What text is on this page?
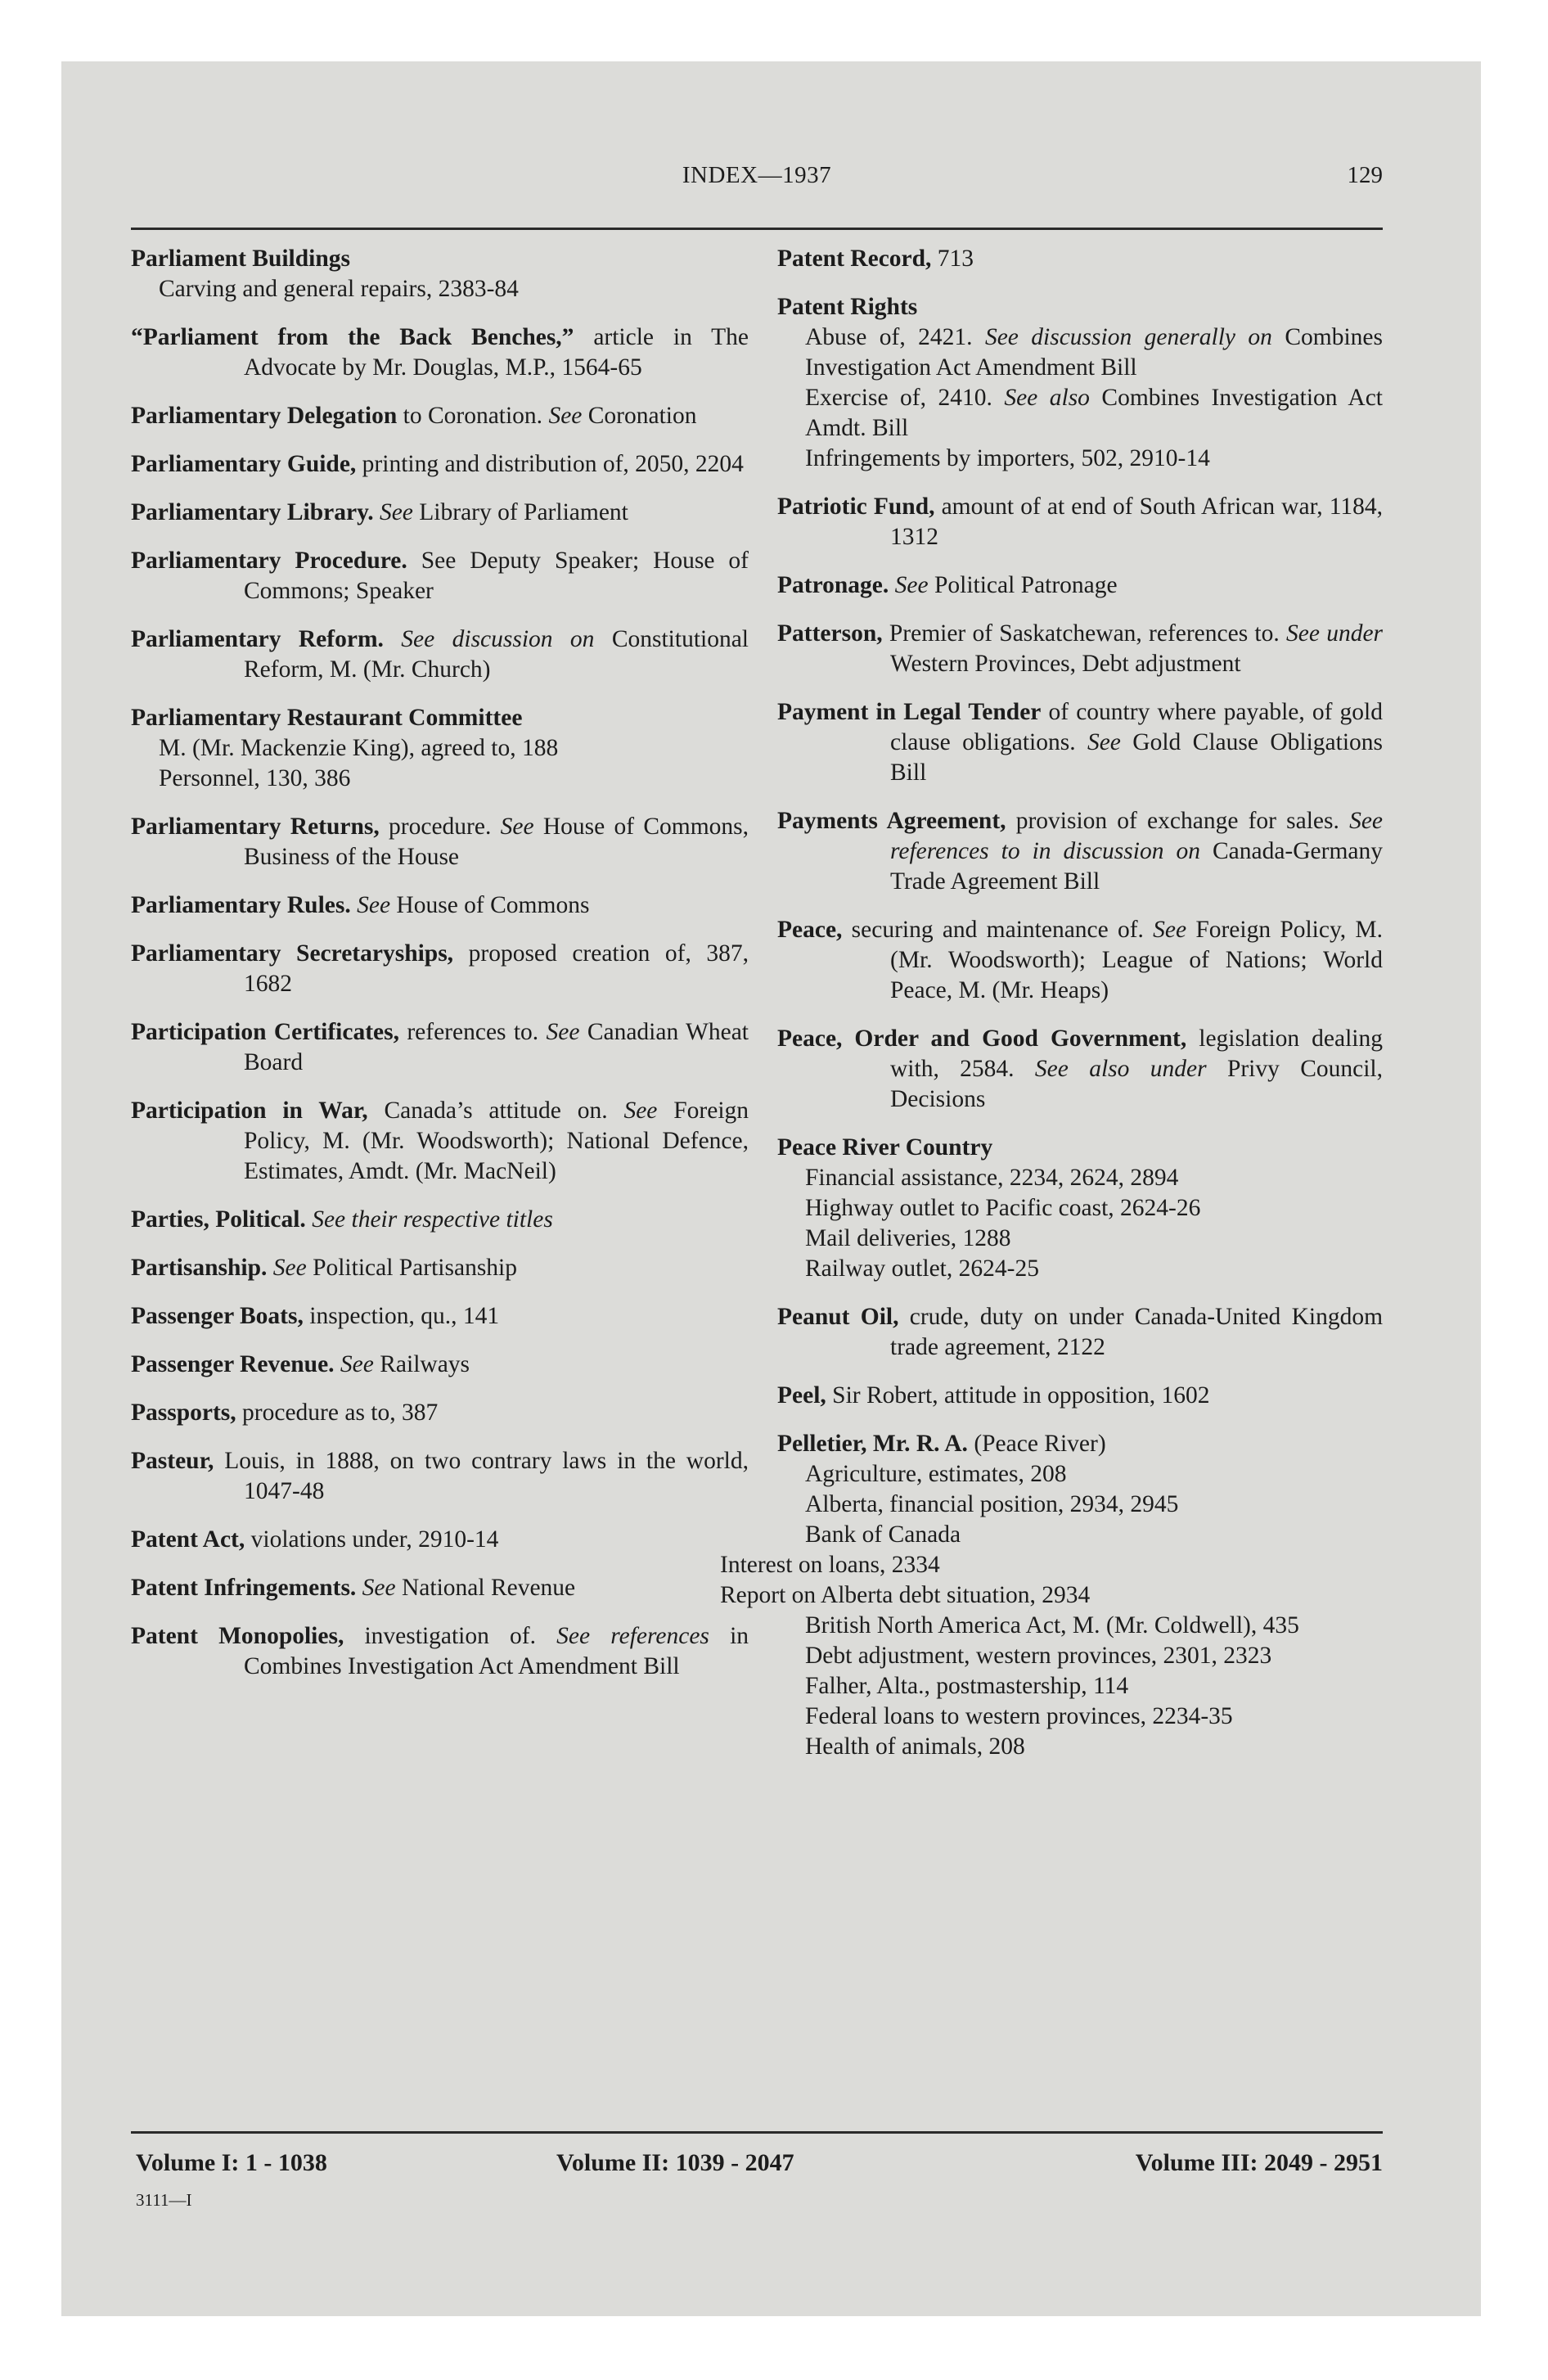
INDEX—1937	129

Parliament Buildings
Carving and general repairs, 2383-84

“Parliament from the Back Benches,” article in The Advocate by Mr. Douglas, M.P., 1564-65

Parliamentary Delegation to Coronation. See Coronation

Parliamentary Guide, printing and distribution of, 2050, 2204

Parliamentary Library. See Library of Parliament

Parliamentary Procedure. See Deputy Speaker; House of Commons; Speaker

Parliamentary Reform. See discussion on Constitutional Reform, M. (Mr. Church)

Parliamentary Restaurant Committee
M. (Mr. Mackenzie King), agreed to, 188
Personnel, 130, 386

Parliamentary Returns, procedure. See House of Commons, Business of the House

Parliamentary Rules. See House of Commons

Parliamentary Secretaryships, proposed creation of, 387, 1682

Participation Certificates, references to. See Canadian Wheat Board

Participation in War, Canada’s attitude on. See Foreign Policy, M. (Mr. Woodsworth); National Defence, Estimates, Amdt. (Mr. MacNeil)

Parties, Political. See their respective titles

Partisanship. See Political Partisanship

Passenger Boats, inspection, qu., 141

Passenger Revenue. See Railways

Passports, procedure as to, 387

Pasteur, Louis, in 1888, on two contrary laws in the world, 1047-48

Patent Act, violations under, 2910-14

Patent Infringements. See National Revenue

Patent Monopolies, investigation of. See references in Combines Investigation Act Amendment Bill

Patent Record, 713

Patent Rights
Abuse of, 2421. See discussion generally on Combines Investigation Act Amendment Bill
Exercise of, 2410. See also Combines Investigation Act Amdt. Bill
Infringements by importers, 502, 2910-14

Patriotic Fund, amount of at end of South African war, 1184, 1312

Patronage. See Political Patronage

Patterson, Premier of Saskatchewan, references to. See under Western Provinces, Debt adjustment

Payment in Legal Tender of country where payable, of gold clause obligations. See Gold Clause Obligations Bill

Payments Agreement, provision of exchange for sales. See references to in discussion on Canada-Germany Trade Agreement Bill

Peace, securing and maintenance of. See Foreign Policy, M. (Mr. Woodsworth); League of Nations; World Peace, M. (Mr. Heaps)

Peace, Order and Good Government, legislation dealing with, 2584. See also under Privy Council, Decisions

Peace River Country
Financial assistance, 2234, 2624, 2894
Highway outlet to Pacific coast, 2624-26
Mail deliveries, 1288
Railway outlet, 2624-25

Peanut Oil, crude, duty on under Canada-United Kingdom trade agreement, 2122

Peel, Sir Robert, attitude in opposition, 1602

Pelletier, Mr. R. A. (Peace River)
Agriculture, estimates, 208
Alberta, financial position, 2934, 2945
Bank of Canada
Interest on loans, 2334
Report on Alberta debt situation, 2934
British North America Act, M. (Mr. Coldwell), 435
Debt adjustment, western provinces, 2301, 2323
Falher, Alta., postmastership, 114
Federal loans to western provinces, 2234-35
Health of animals, 208

Volume I: 1 - 1038	Volume II: 1039 - 2047	Volume III: 2049 - 2951
3111—I
